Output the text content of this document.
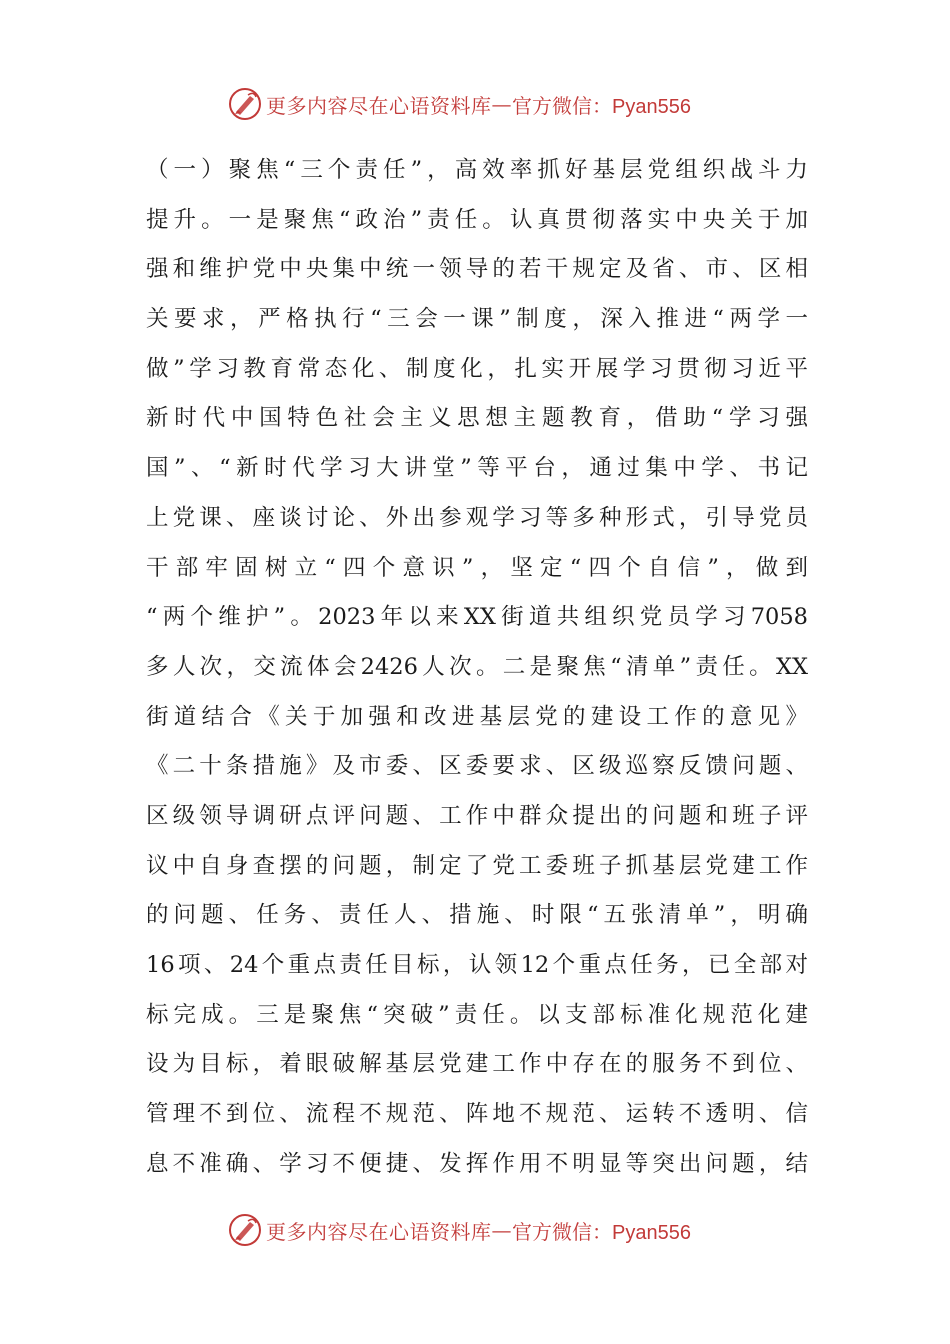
更多内容尽在心语资料库 — 官方微信：Pyan556
（一）聚焦“三个责任”，高效率抓好基层党组织战斗力
提升。一是聚焦“政治”责任。认真贯彻落实中央关于加
强和维护党中央集中统一领导的若干规定及省、市、区相
关要求，严格执行“三会一课”制度，深入推进“两学一
做”学习教育常态化、制度化，扎实开展学习贯彻习近平
新时代中国特色社会主义思想主题教育，借助“学习强
国”、“新时代学习大讲堂”等平台，通过集中学、书记
上党课、座谈讨论、外出参观学习等多种形式，引导党员
干部牢固树立“四个意识”，坚定“四个自信”，做到
“两个维护”。2023年以来XX街道共组织党员学习7058
多人次，交流体会2426人次。二是聚焦“清单”责任。XX
街道结合《关于加强和改进基层党的建设工作的意见》
《二十条措施》及市委、区委要求、区级巡察反馈问题、
区级领导调研点评问题、工作中群众提出的问题和班子评
议中自身查摆的问题，制定了党工委班子抓基层党建工作
的问题、任务、责任人、措施、时限“五张清单”，明确
16项、24个重点责任目标，认领12个重点任务，已全部对
标完成。三是聚焦“突破”责任。以支部标准化规范化建
设为目标，着眼破解基层党建工作中存在的服务不到位、
管理不到位、流程不规范、阵地不规范、运转不透明、信
息不准确、学习不便捷、发挥作用不明显等突出问题，结
更多内容尽在心语资料库 — 官方微信：Pyan556
